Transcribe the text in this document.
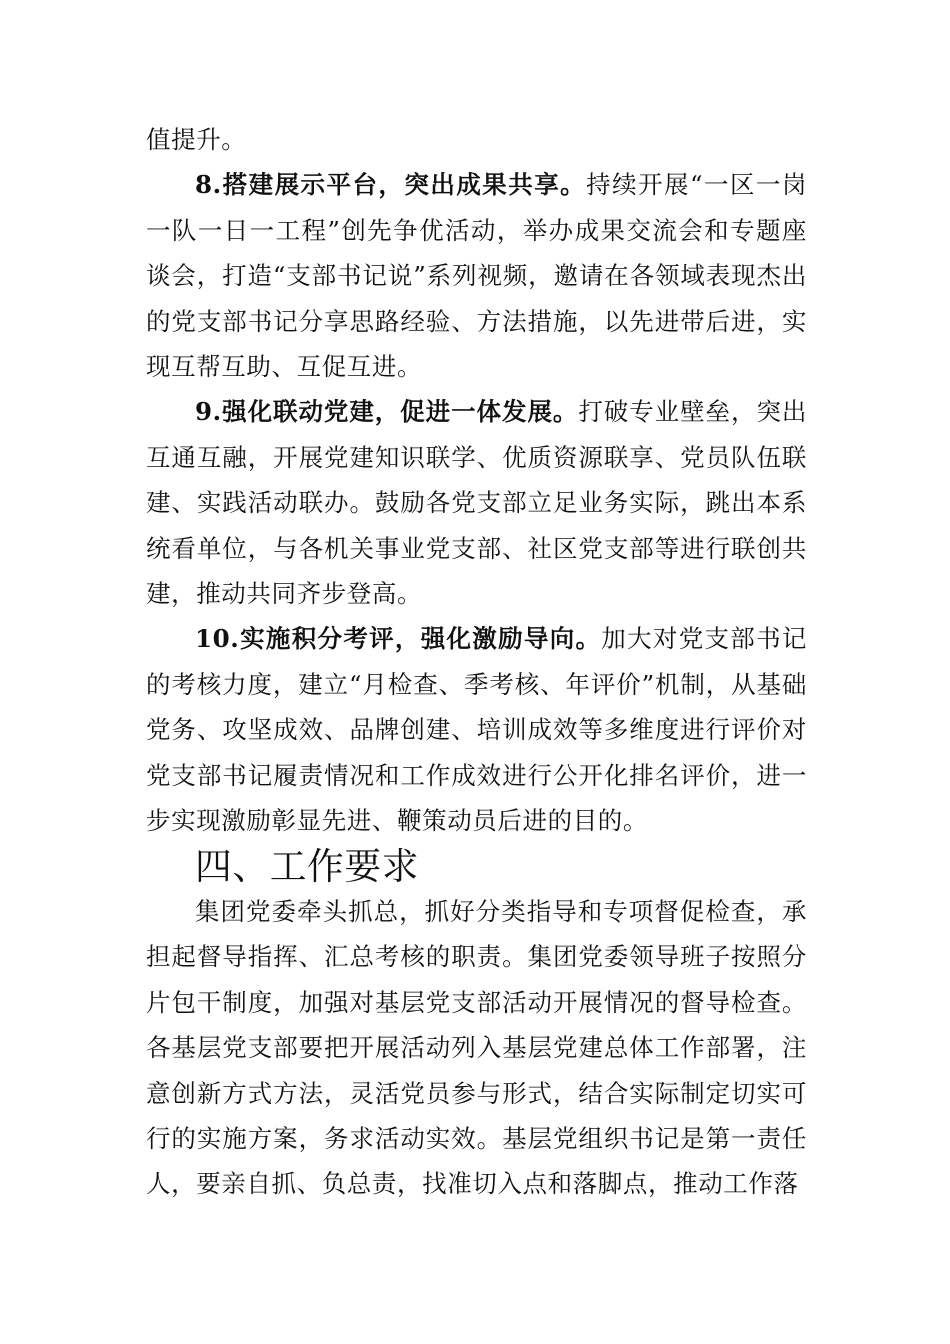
值提升。

8.搭建展示平台，突出成果共享。持续开展“一区一岗一队一日一工程”创先争优活动，举办成果交流会和专题座谈会，打造“支部书记说”系列视频，邀请在各领域表现杰出的党支部书记分享思路经验、方法措施，以先进带后进，实现互帮互助、互促互进。

9.强化联动党建，促进一体发展。打破专业壁垒，突出互通互融，开展党建知识联学、优质资源联享、党员队伍联建、实践活动联办。鼓励各党支部立足业务实际，跳出本系统看单位，与各机关事业党支部、社区党支部等进行联创共建，推动共同齐步登高。

10.实施积分考评，强化激励导向。加大对党支部书记的考核力度，建立“月检查、季考核、年评价”机制，从基础党务、攻坚成效、品牌创建、培训成效等多维度进行评价对党支部书记履责情况和工作成效进行公开化排名评价，进一步实现激励彰显先进、鞭策动员后进的目的。

四、工作要求

集团党委牵头抓总，抓好分类指导和专项督促检查，承担起督导指挥、汇总考核的职责。集团党委领导班子按照分片包干制度，加强对基层党支部活动开展情况的督导检查。各基层党支部要把开展活动列入基层党建总体工作部署，注意创新方式方法，灵活党员参与形式，结合实际制定切实可行的实施方案，务求活动实效。基层党组织书记是第一责任人，要亲自抓、负总责，找准切入点和落脚点，推动工作落
